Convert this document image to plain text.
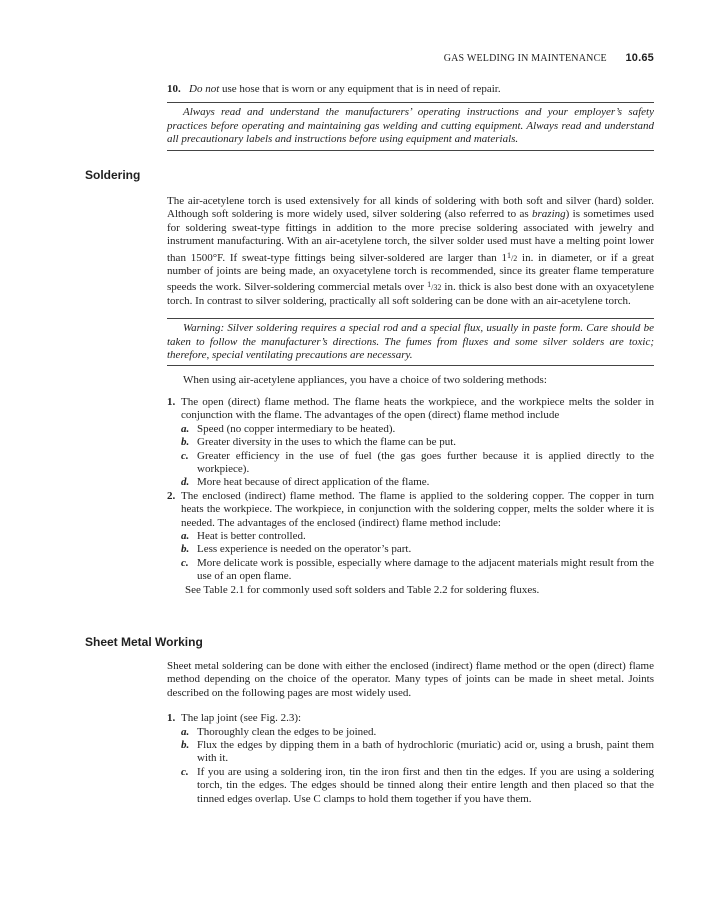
GAS WELDING IN MAINTENANCE 10.65
10. Do not use hose that is worn or any equipment that is in need of repair.

Always read and understand the manufacturers’ operating instructions and your employer’s safety practices before operating and maintaining gas welding and cutting equipment. Always read and understand all precautionary labels and instructions before using equipment and materials.

Soldering

The air-acetylene torch is used extensively for all kinds of soldering with both soft and silver (hard) solder. Although soft soldering is more widely used, silver soldering (also referred to as brazing) is sometimes used for soldering sweat-type fittings in addition to the more precise soldering associated with jewelry and instrument manufacturing. With an air-acetylene torch, the silver solder used must have a melting point lower than 1500°F. If sweat-type fittings being silver-soldered are larger than $1^1/2$ in. in diameter, or if a great number of joints are being made, an oxyacetylene torch is recommended, since its greater flame temperature speeds the work. Silver-soldering commercial metals over $^1$/32 in. thick is also best done with an oxyacetylene torch. In contrast to silver soldering, practically all soft soldering can be done with an air-acetylene torch.

Warning: Silver soldering requires a special rod and a special flux, usually in paste form. Care should be taken to follow the manufacturer’s directions. The fumes from fluxes and some silver solders are toxic; therefore, special ventilating precautions are necessary.

When using air-acetylene appliances, you have a choice of two soldering methods:

1. The open (direct) flame method. The flame heats the workpiece, and the workpiece melts the solder in conjunction with the flame. The advantages of the open (direct) flame method include
a. Speed (no copper intermediary to be heated).
b. Greater diversity in the uses to which the flame can be put.
c. Greater efficiency in the use of fuel (the gas goes further because it is applied directly to the workpiece).
d. More heat because of direct application of the flame.
2. The enclosed (indirect) flame method. The flame is applied to the soldering copper. The copper in turn heats the workpiece. The workpiece, in conjunction with the soldering copper, melts the solder where it is needed. The advantages of the enclosed (indirect) flame method include:
a. Heat is better controlled.
b. Less experience is needed on the operator’s part.
c. More delicate work is possible, especially where damage to the adjacent materials might result from the use of an open flame.

See Table 2.1 for commonly used soft solders and Table 2.2 for soldering fluxes.

Sheet Metal Working

Sheet metal soldering can be done with either the enclosed (indirect) flame method or the open (direct) flame method depending on the choice of the operator. Many types of joints can be made in sheet metal. Joints described on the following pages are most widely used.

1. The lap joint (see Fig. 2.3):
a. Thoroughly clean the edges to be joined.
b. Flux the edges by dipping them in a bath of hydrochloric (muriatic) acid or, using a brush, paint them with it.
c. If you are using a soldering iron, tin the iron first and then tin the edges. If you are using a soldering torch, tin the edges. The edges should be tinned along their entire length and then placed so that the tinned edges overlap. Use C clamps to hold them together if you have them.
